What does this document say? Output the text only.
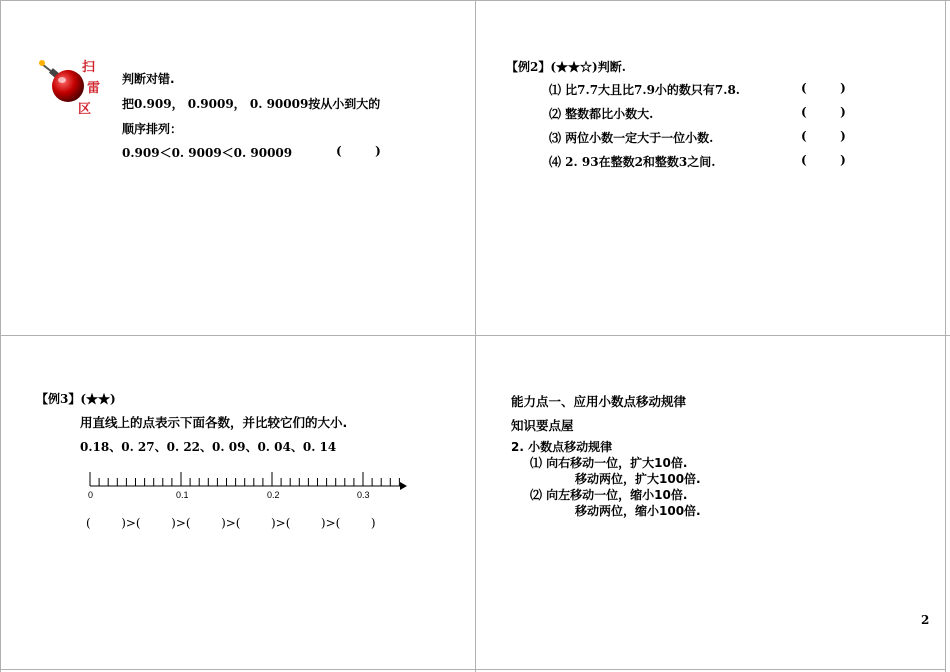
扫
雷
区
判断对错.
把0.909， 0.9009， 0. 90009按从小到大的
顺序排列：
0.909＜0. 9009＜0. 90009	(        )
【例2】(★★☆)判断.
⑴ 比7.7大且比7.9小的数只有7.8.	(        )
⑵ 整数都比小数大.	(        )
⑶ 两位小数一定大于一位小数.	(        )
⑷ 2. 93在整数2和整数3之间.	(        )
【例3】(★★)
用直线上的点表示下面各数，并比较它们的大小.
0.18、0. 27、0. 22、0. 09、0. 04、0. 14
0	0.1	0.2	0.3
(        )>(        )>(        )>(        )>(        )>(        )
能力点一、应用小数点移动规律
知识要点屋
2. 小数点移动规律
⑴ 向右移动一位，扩大10倍.
移动两位，扩大100倍.
⑵ 向左移动一位，缩小10倍.
移动两位，缩小100倍.
2
